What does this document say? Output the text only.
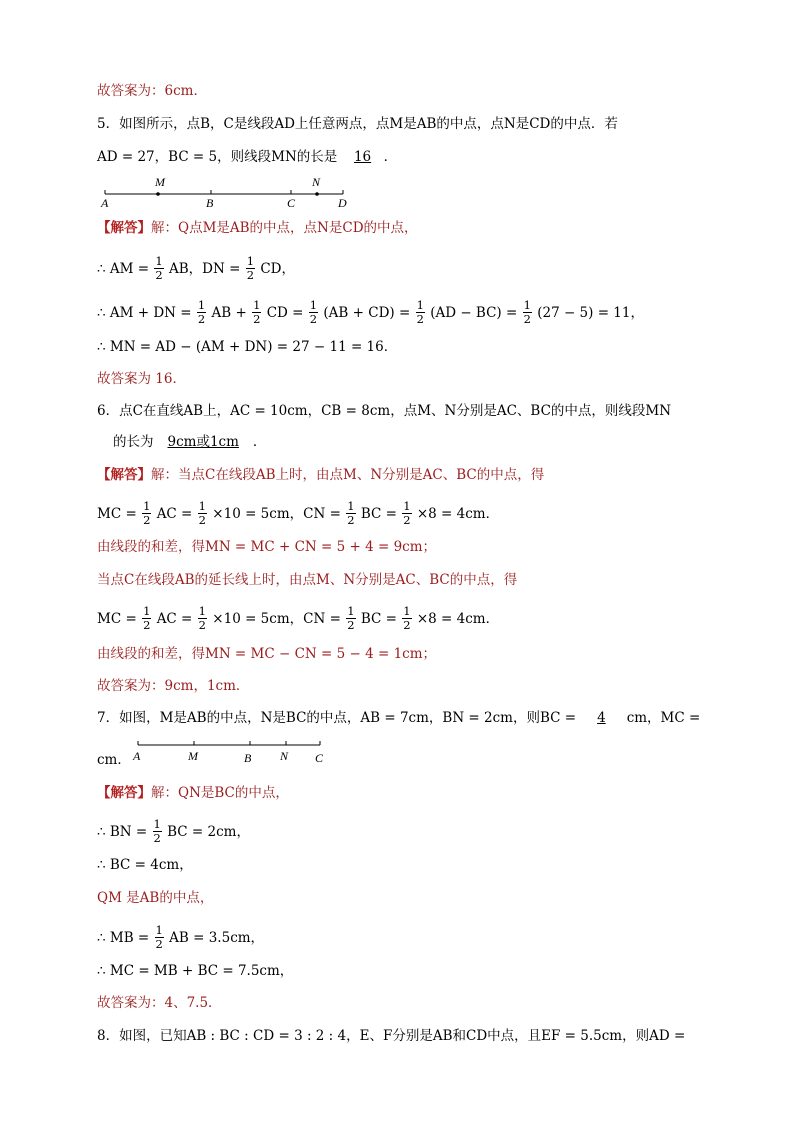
故答案为：6cm．
5．如图所示，点B，C是线段AD上任意两点，点M是AB的中点，点N是CD的中点．若
AD = 27，BC = 5，则线段MN的长是 16 ．
A
M
B	C
N
D
【解答】解：Q点M是AB的中点，点N是CD的中点，
∴ AM = $\frac{1}{2}$ AB，DN = $\frac{1}{2}$ CD，
∴ AM + DN = $\frac{1}{2}$ AB + $\frac{1}{2}$ CD = $\frac{1}{2} (AB + CD) = \frac{1}{2} (AD - BC) = \frac{1}{2} (27 - 5) = 11$，
∴ MN = AD − (AM + DN) = 27 − 11 = 16．
故答案为 16．
6．点C在直线AB上，AC = 10cm，CB = 8cm，点M、N分别是AC、BC的中点，则线段MN
的长为 9cm或1cm ．
【解答】解：当点C在线段AB上时，由点M、N分别是AC、BC的中点，得
MC = $\frac{1}{2}$ AC = $\frac{1}{2} \times 10 = 5cm$，CN = $\frac{1}{2}$ BC = $\frac{1}{2} \times 8 = 4cm$．
由线段的和差，得MN = MC + CN = 5 + 4 = 9cm；
当点C在线段AB的延长线上时，由点M、N分别是AC、BC的中点，得
MC = $\frac{1}{2}$ AC = $\frac{1}{2} \times 10 = 5cm$，CN = $\frac{1}{2}$ BC = $\frac{1}{2} \times 8 = 4cm$．
由线段的和差，得MN = MC − CN = 5 − 4 = 1cm；
故答案为：9cm，1cm．
7．如图，M是AB的中点，N是BC的中点，AB = 7cm，BN = 2cm，则BC = 4 cm，MC =
cm． A	M	B N C
【解答】解：QN是BC的中点，
∴ BN = $\frac{1}{2}$ BC = 2cm，
∴ BC = 4cm，
QM 是AB的中点，
∴ MB = $\frac{1}{2}$ AB = 3.5cm，
∴ MC = MB + BC = 7.5cm，
故答案为：4、7.5．
8．如图，已知AB : BC : CD = 3 : 2 : 4，E、F分别是AB和CD中点，且EF = 5.5cm，则AD =
